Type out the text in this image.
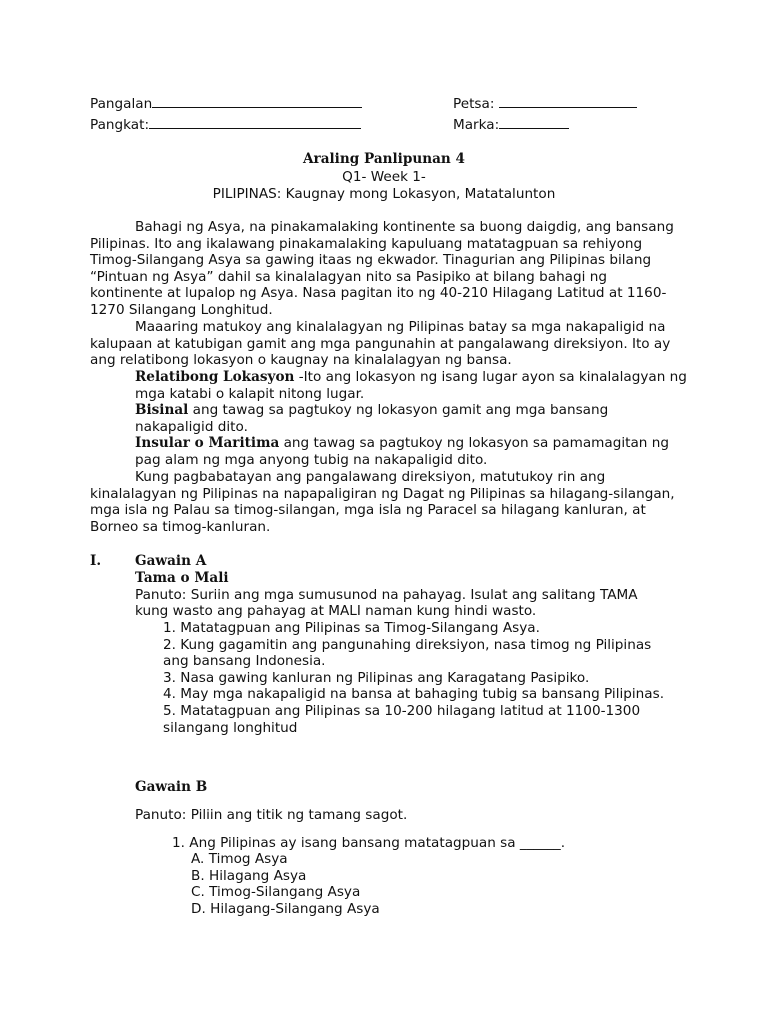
Pangalan	Petsa:
Pangkat:	Marka:
Araling Panlipunan 4
Q1- Week 1-
PILIPINAS: Kaugnay mong Lokasyon, Matatalunton
Bahagi ng Asya, na pinakamalaking kontinente sa buong daigdig, ang bansang
Pilipinas. Ito ang ikalawang pinakamalaking kapuluang matatagpuan sa rehiyong
Timog-Silangang Asya sa gawing itaas ng ekwador. Tinagurian ang Pilipinas bilang
“Pintuan ng Asya” dahil sa kinalalagyan nito sa Pasipiko at bilang bahagi ng
kontinente at lupalop ng Asya. Nasa pagitan ito ng 40-210 Hilagang Latitud at 1160-
1270 Silangang Longhitud.
Maaaring matukoy ang kinalalagyan ng Pilipinas batay sa mga nakapaligid na
kalupaan at katubigan gamit ang mga pangunahin at pangalawang direksiyon. Ito ay
ang relatibong lokasyon o kaugnay na kinalalagyan ng bansa.
Relatibong Lokasyon -Ito ang lokasyon ng isang lugar ayon sa kinalalagyan ng
mga katabi o kalapit nitong lugar.
Bisinal ang tawag sa pagtukoy ng lokasyon gamit ang mga bansang
nakapaligid dito.
Insular o Maritima ang tawag sa pagtukoy ng lokasyon sa pamamagitan ng
pag alam ng mga anyong tubig na nakapaligid dito.
Kung pagbabatayan ang pangalawang direksiyon, matutukoy rin ang
kinalalagyan ng Pilipinas na napapaligiran ng Dagat ng Pilipinas sa hilagang-silangan,
mga isla ng Palau sa timog-silangan, mga isla ng Paracel sa hilagang kanluran, at
Borneo sa timog-kanluran.
I. Gawain A
Tama o Mali
Panuto: Suriin ang mga sumusunod na pahayag. Isulat ang salitang TAMA
kung wasto ang pahayag at MALI naman kung hindi wasto.
1. Matatagpuan ang Pilipinas sa Timog-Silangang Asya.
2. Kung gagamitin ang pangunahing direksiyon, nasa timog ng Pilipinas
ang bansang Indonesia.
3. Nasa gawing kanluran ng Pilipinas ang Karagatang Pasipiko.
4. May mga nakapaligid na bansa at bahaging tubig sa bansang Pilipinas.
5. Matatagpuan ang Pilipinas sa 10-200 hilagang latitud at 1100-1300
silangang longhitud
Gawain B
Panuto: Piliin ang titik ng tamang sagot.
1. Ang Pilipinas ay isang bansang matatagpuan sa ______.
A. Timog Asya
B. Hilagang Asya
C. Timog-Silangang Asya
D. Hilagang-Silangang Asya
